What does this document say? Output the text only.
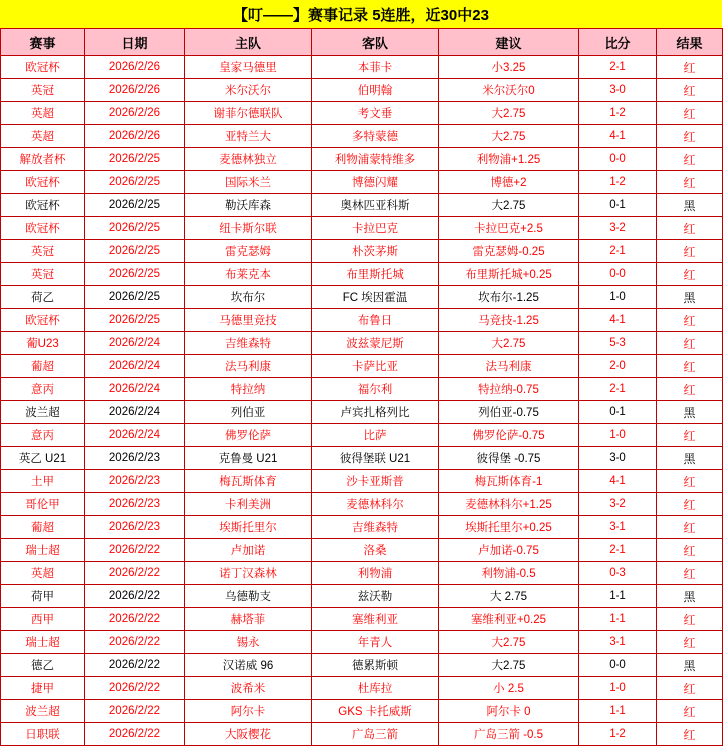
【叮——】赛事记录 5连胜，近30中23
赛事	日期	主队	客队	建议	比分	结果
欧冠杯	2026/2/26	皇家马德里	本菲卡	小3.25	2-1	红
英冠	2026/2/26	米尔沃尔	伯明翰	米尔沃尔0	3-0	红
英超	2026/2/26	谢菲尔德联队	考文垂	大2.75	1-2	红
英超	2026/2/26	亚特兰大	多特蒙德	大2.75	4-1	红
解放者杯	2026/2/25	麦德林独立	利物浦蒙特维多	利物浦+1.25	0-0	红
欧冠杯	2026/2/25	国际米兰	博德闪耀	博德+2	1-2	红
欧冠杯	2026/2/25	勒沃库森	奥林匹亚科斯	大2.75	0-1	黑
欧冠杯	2026/2/25	纽卡斯尔联	卡拉巴克	卡拉巴克+2.5	3-2	红
英冠	2026/2/25	雷克瑟姆	朴茨茅斯	雷克瑟姆-0.25	2-1	红
英冠	2026/2/25	布莱克本	布里斯托城	布里斯托城+0.25	0-0	红
荷乙	2026/2/25	坎布尔	FC 埃因霍温	坎布尔-1.25	1-0	黑
欧冠杯	2026/2/25	马德里竞技	布鲁日	马竞技-1.25	4-1	红
葡U23	2026/2/24	吉维森特	波兹蒙尼斯	大2.75	5-3	红
葡超	2026/2/24	法马利康	卡萨比亚	法马利康	2-0	红
意丙	2026/2/24	特拉纳	福尔利	特拉纳-0.75	2-1	红
波兰超	2026/2/24	列伯亚	卢宾扎格列比	列伯亚-0.75	0-1	黑
意丙	2026/2/24	佛罗伦萨	比萨	佛罗伦萨-0.75	1-0	红
英乙 U21	2026/2/23	克鲁曼 U21	彼得堡联 U21	彼得堡 -0.75	3-0	黑
土甲	2026/2/23	梅瓦斯体育	沙卡亚斯普	梅瓦斯体育-1	4-1	红
哥伦甲	2026/2/23	卡利美洲	麦德林科尔	麦德林科尔+1.25	3-2	红
葡超	2026/2/23	埃斯托里尔	吉维森特	埃斯托里尔+0.25	3-1	红
瑞士超	2026/2/22	卢加诺	洛桑	卢加诺-0.75	2-1	红
英超	2026/2/22	诺丁汉森林	利物浦	利物浦-0.5	0-3	红
荷甲	2026/2/22	乌德勒支	兹沃勒	大 2.75	1-1	黑
西甲	2026/2/22	赫塔菲	塞维利亚	塞维利亚+0.25	1-1	红
瑞士超	2026/2/22	锡永	年青人	大2.75	3-1	红
德乙	2026/2/22	汉诺威 96	德累斯顿	大2.75	0-0	黑
捷甲	2026/2/22	波希米	杜库拉	小 2.5	1-0	红
波兰超	2026/2/22	阿尔卡	GKS 卡托威斯	阿尔卡 0	1-1	红
日职联	2026/2/22	大阪樱花	广岛三箭	广岛三箭 -0.5	1-2	红
